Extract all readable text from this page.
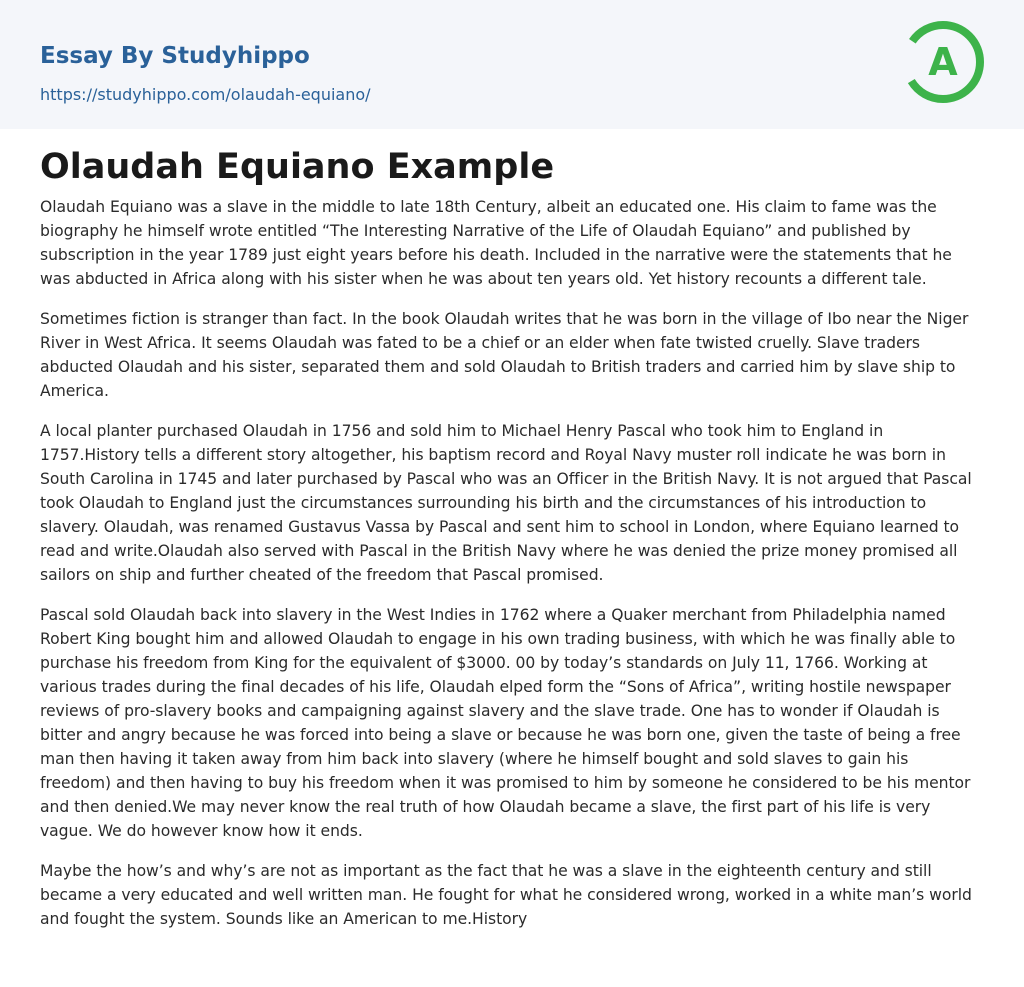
Essay By Studyhippo

https://studyhippo.com/olaudah-equiano/
A
Olaudah Equiano Example

Olaudah Equiano was a slave in the middle to late 18th Century, albeit an educated one. His claim to fame was the biography he himself wrote entitled “The Interesting Narrative of the Life of Olaudah Equiano” and published by subscription in the year 1789 just eight years before his death. Included in the narrative were the statements that he was abducted in Africa along with his sister when he was about ten years old. Yet history recounts a different tale.

Sometimes fiction is stranger than fact. In the book Olaudah writes that he was born in the village of Ibo near the Niger River in West Africa. It seems Olaudah was fated to be a chief or an elder when fate twisted cruelly. Slave traders abducted Olaudah and his sister, separated them and sold Olaudah to British traders and carried him by slave ship to America.

A local planter purchased Olaudah in 1756 and sold him to Michael Henry Pascal who took him to England in 1757.History tells a different story altogether, his baptism record and Royal Navy muster roll indicate he was born in South Carolina in 1745 and later purchased by Pascal who was an Officer in the British Navy. It is not argued that Pascal took Olaudah to England just the circumstances surrounding his birth and the circumstances of his introduction to slavery. Olaudah, was renamed Gustavus Vassa by Pascal and sent him to school in London, where Equiano learned to read and write.Olaudah also served with Pascal in the British Navy where he was denied the prize money promised all sailors on ship and further cheated of the freedom that Pascal promised.

Pascal sold Olaudah back into slavery in the West Indies in 1762 where a Quaker merchant from Philadelphia named Robert King bought him and allowed Olaudah to engage in his own trading business, with which he was finally able to purchase his freedom from King for the equivalent of $3000. 00 by today’s standards on July 11, 1766. Working at various trades during the final decades of his life, Olaudah elped form the “Sons of Africa”, writing hostile newspaper reviews of pro-slavery books and campaigning against slavery and the slave trade. One has to wonder if Olaudah is bitter and angry because he was forced into being a slave or because he was born one, given the taste of being a free man then having it taken away from him back into slavery (where he himself bought and sold slaves to gain his freedom) and then having to buy his freedom when it was promised to him by someone he considered to be his mentor and then denied.We may never know the real truth of how Olaudah became a slave, the first part of his life is very vague. We do however know how it ends.

Maybe the how’s and why’s are not as important as the fact that he was a slave in the eighteenth century and still became a very educated and well written man. He fought for what he considered wrong, worked in a white man’s world and fought the system. Sounds like an American to me.History
